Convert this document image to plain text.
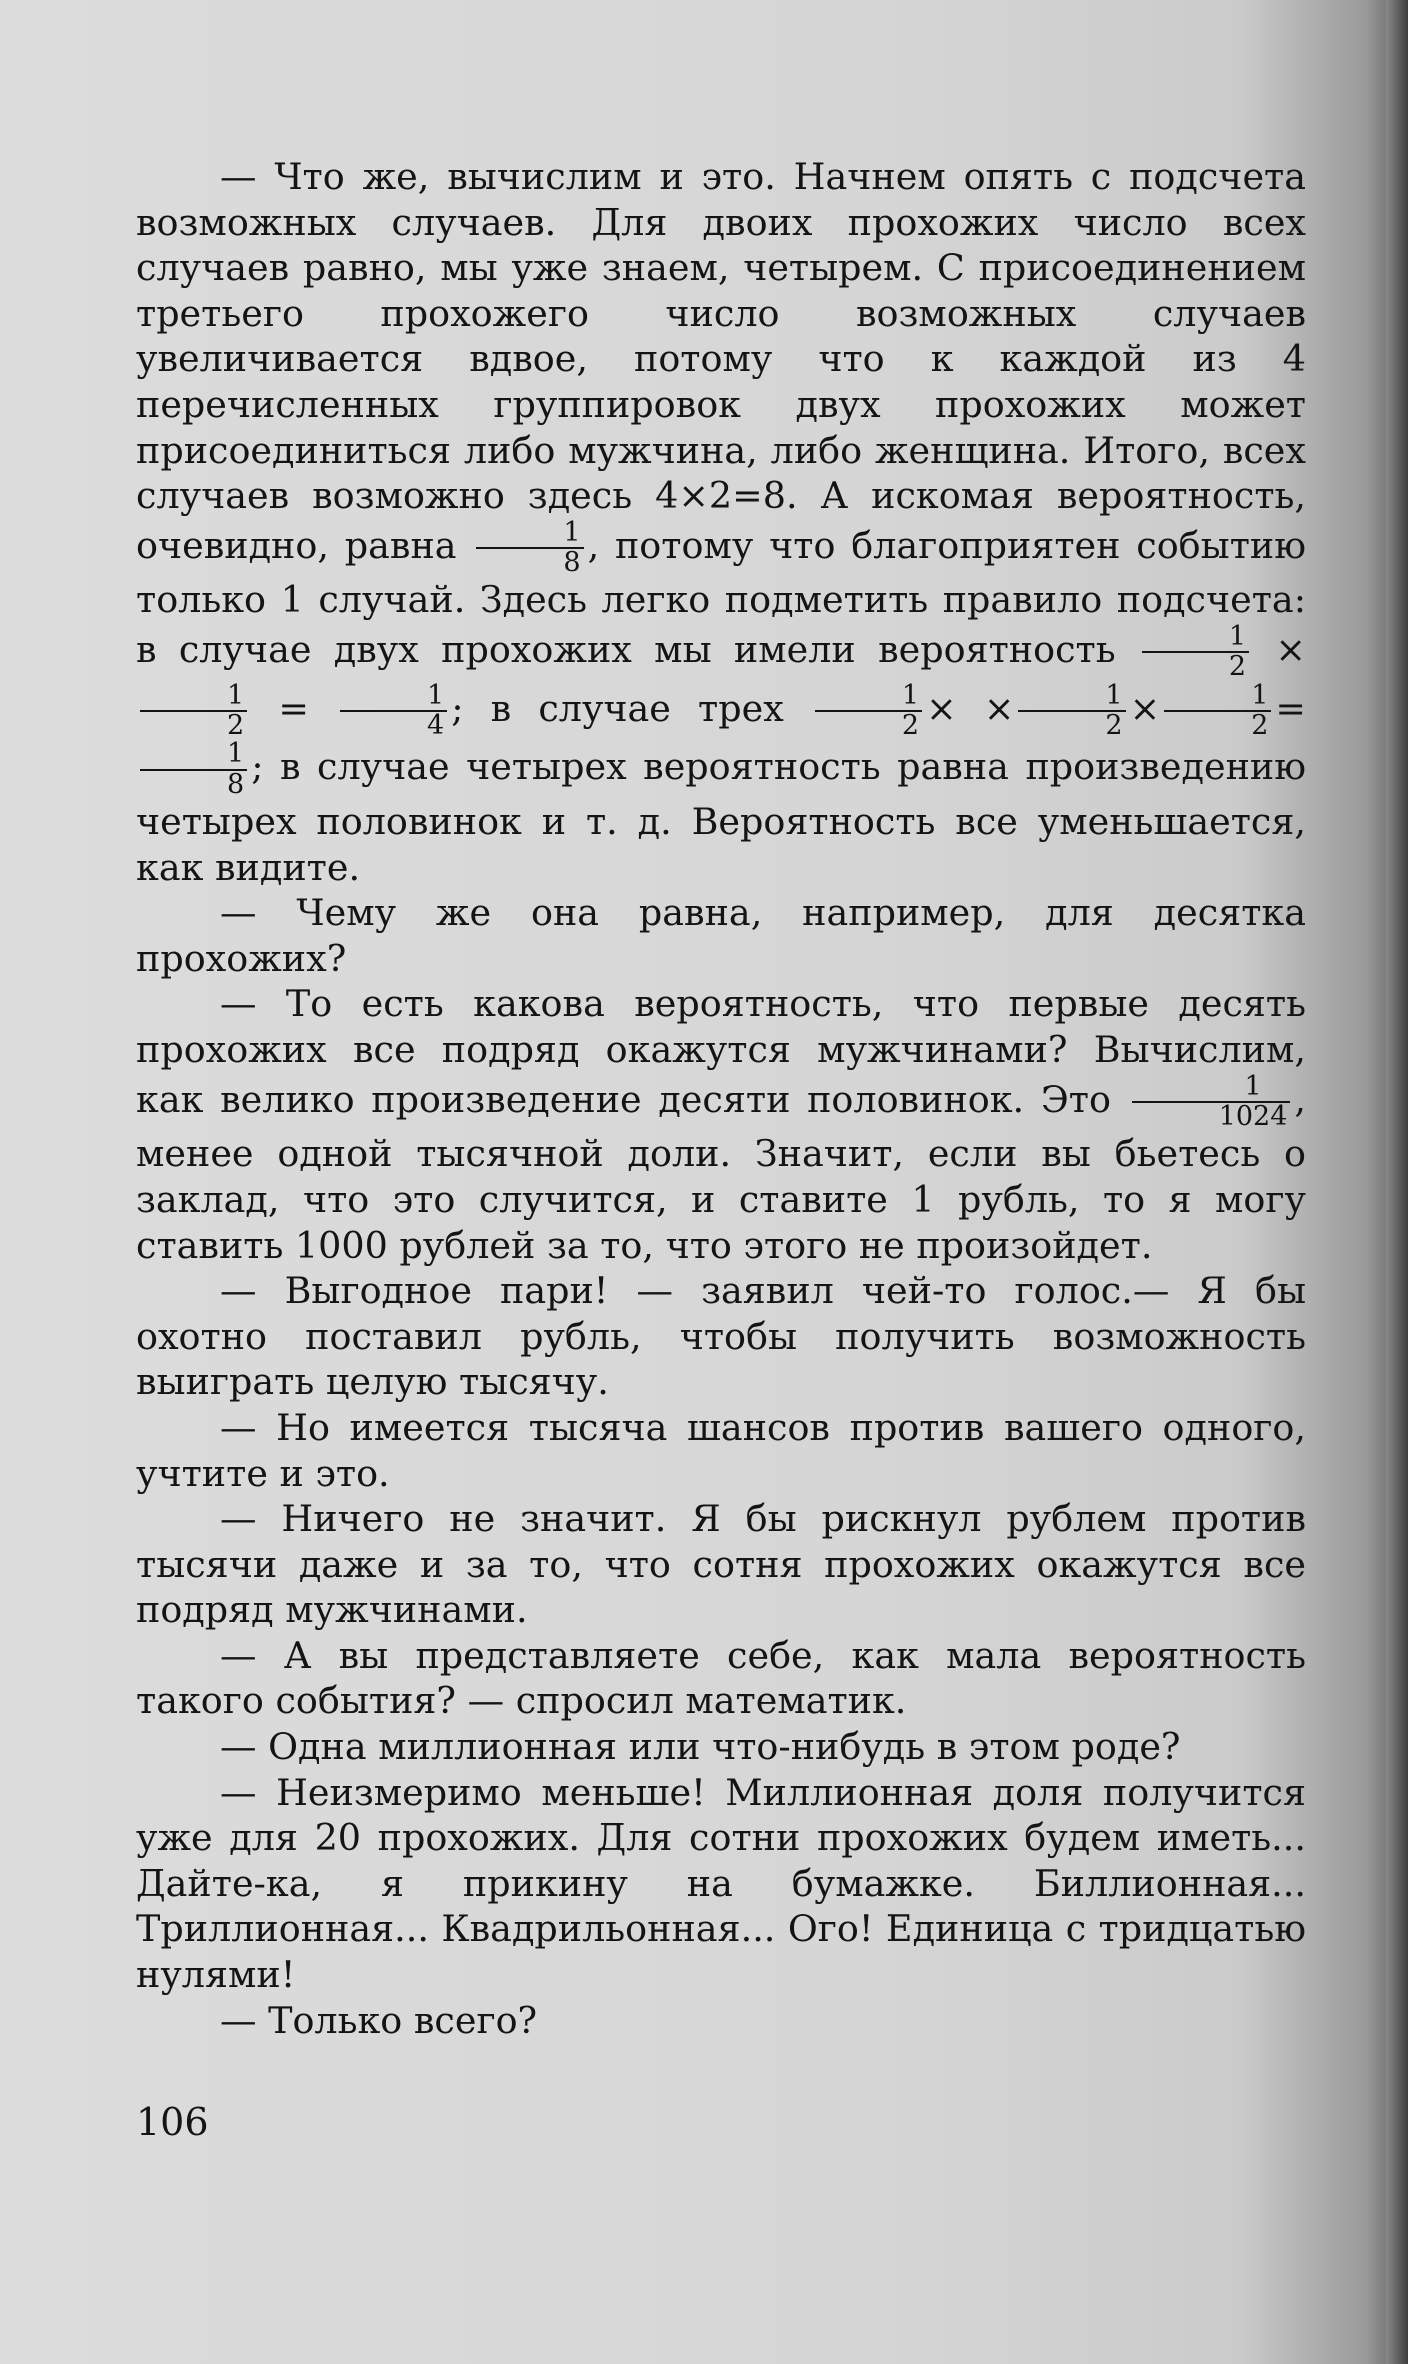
— Что же, вычислим и это. Начнем опять с подсчета возможных случаев. Для двоих прохожих число всех случаев равно, мы уже знаем, четырем. С присоединением третьего прохожего число возможных случаев увеличивается вдвое, потому что к каждой из 4 перечисленных группировок двух прохожих может присоединиться либо мужчина, либо женщина. Итого, всех случаев возможно здесь 4×2=8. А искомая вероятность, очевидно, равна $\frac{1}{8}$ , потому что благоприятен событию только 1 случай. Здесь легко подметить правило подсчета: в случае двух прохожих мы имели вероятность $\frac{1}{2}$ ×
$\frac{1}{2} = \frac{1}{4}$ ; в случае трех $\frac{1}{2}$ × × $\frac{1}{2} \times \frac{1}{2}$ =
$\frac{1}{8}$ ; в случае четырех вероятность равна произведению четырех половинок и т. д. Вероятность все уменьшается, как видите.

— Чему же она равна, например, для десятка прохожих?

— То есть какова вероятность, что первые десять прохожих все подряд окажутся мужчинами? Вычислим, как велико произведение десяти половинок. Это $\frac{1}{1024}$ , менее одной тысячной доли. Значит, если вы бьетесь о заклад, что это случится, и ставите 1 рубль, то я могу ставить 1000 рублей за то, что этого не произойдет.

— Выгодное пари! — заявил чей-то голос.— Я бы охотно поставил рубль, чтобы получить возможность выиграть целую тысячу.

— Но имеется тысяча шансов против вашего одного, учтите и это.

— Ничего не значит. Я бы рискнул рублем против тысячи даже и за то, что сотня прохожих окажутся все подряд мужчинами.

— А вы представляете себе, как мала вероятность такого события? — спросил математик.

— Одна миллионная или что-нибудь в этом роде?

— Неизмеримо меньше! Миллионная доля получится уже для 20 прохожих. Для сотни прохожих будем иметь... Дайте-ка, я прикину на бумажке. Биллионная... Триллионная... Квадрильонная... Ого! Единица с тридцатью нулями!

— Только всего?

106
